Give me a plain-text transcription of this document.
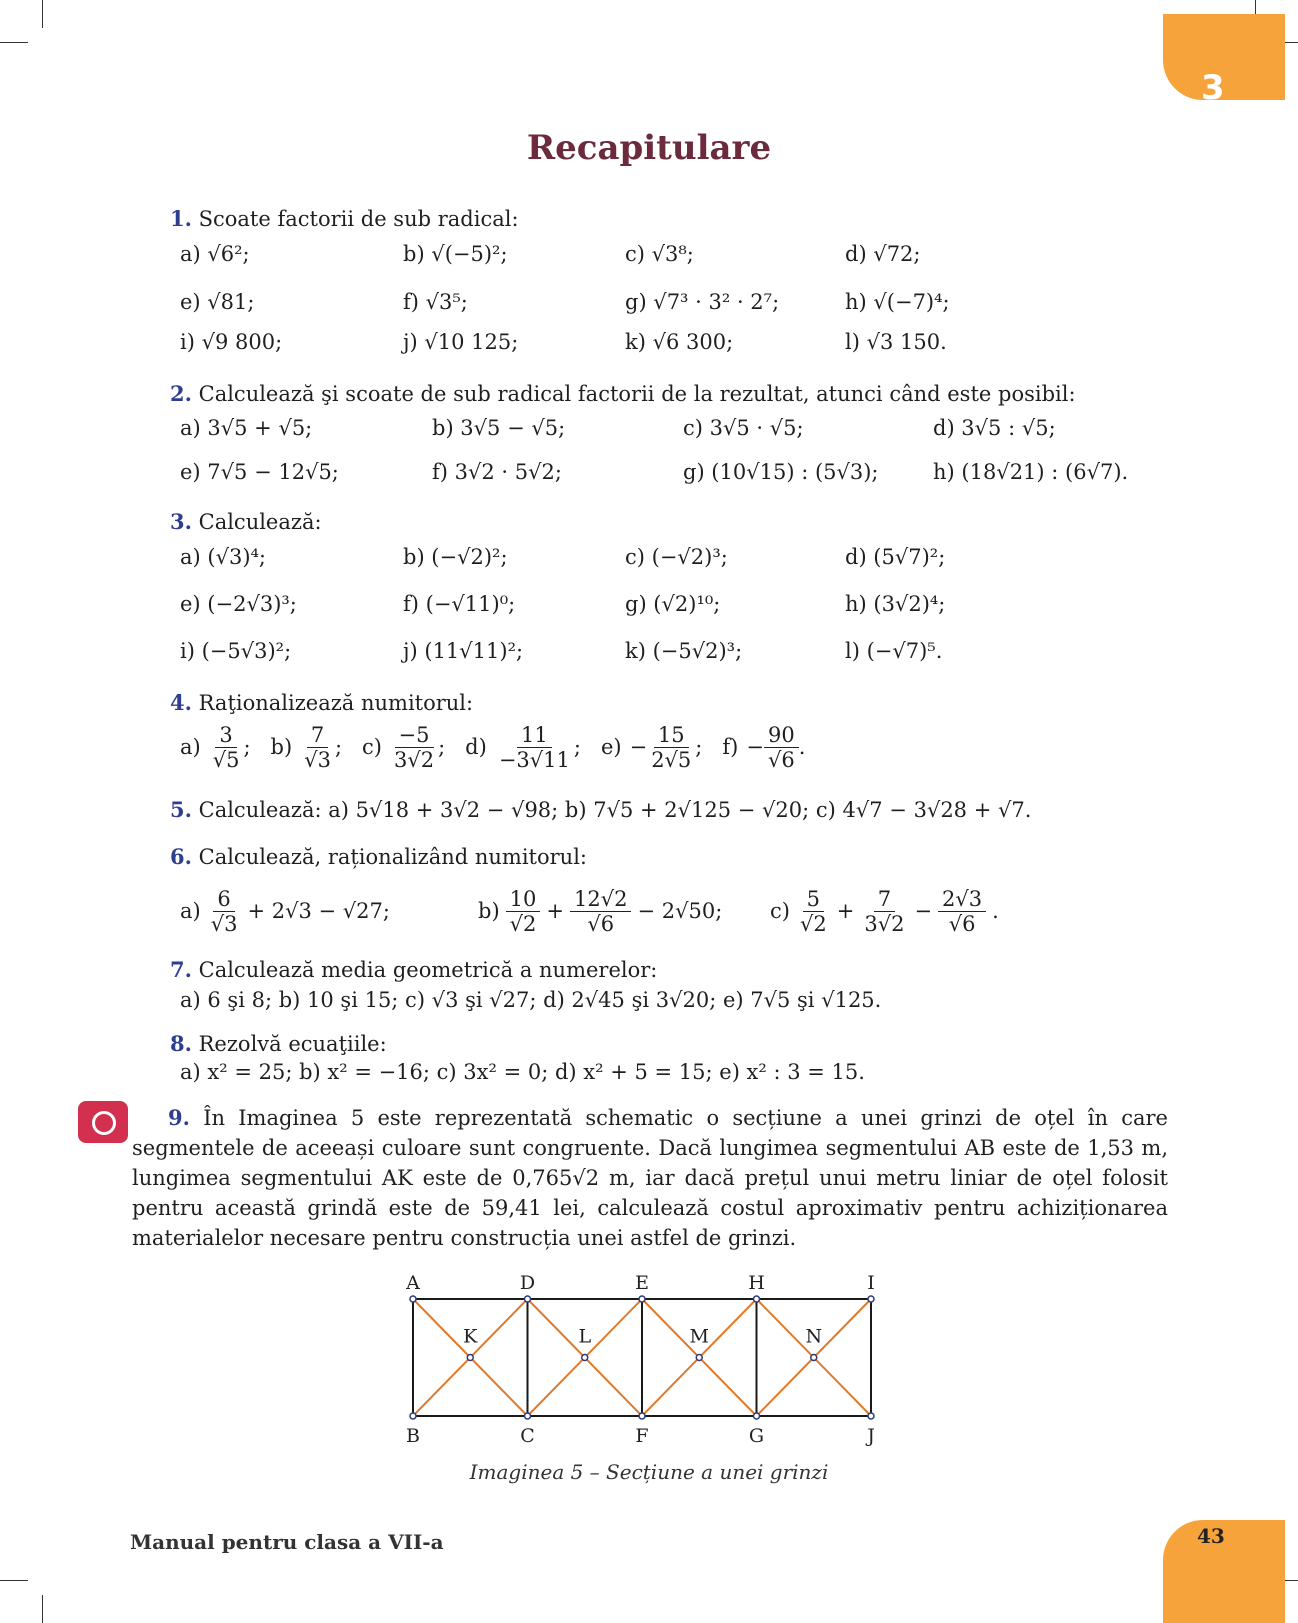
3
Recapitulare
1. Scoate factorii de sub radical:
a) √6²;	b) √(−5)²;	c) √3⁸;	d) √72;
e) √81;	f) √3⁵;	g) √7³ · 3² · 2⁷;	h) √(−7)⁴;
i) √9 800;	j) √10 125;	k) √6 300;	l) √3 150.
2. Calculează şi scoate de sub radical factorii de la rezultat, atunci când este posibil:
a) 3√5 + √5;	b) 3√5 − √5;	c) 3√5 · √5;	d) 3√5 : √5;
e) 7√5 − 12√5;	f) 3√2 · 5√2;	g) (10√15) : (5√3);	h) (18√21) : (6√7).
3. Calculează:
a) (√3)⁴;	b) (−√2)²;	c) (−√2)³;	d) (5√7)²;
e) (−2√3)³;	f) (−√11)⁰;	g) (√2)¹⁰;	h) (3√2)⁴;
i) (−5√3)²;	j) (11√11)²;	k) (−5√2)³;	l) (−√7)⁵.
4. Raţionalizează numitorul:
$a) \frac{3}{√5}$ ; $b) \frac{7}{√3}$ ; $c) \frac{-5}{3√2}$ ; $d) \frac{11}{-3√11}$ ; $e) - \frac{15}{2√5}$ ; $f) - \frac{90}{√6}$ .
5. Calculează: a) 5√18 + 3√2 − √98; b) 7√5 + 2√125 − √20; c) 4√7 − 3√28 + √7.
6. Calculează, raționalizând numitorul:
$a) \frac{6}{√3} + 2√3 - √27$;	$b) \frac{10}{√2} + \frac{12√2}{√6} - 2√50$; $c) \frac{5}{√2} + \frac{7}{3√2} - \frac{2√3}{√6}$ .
7. Calculează media geometrică a numerelor:
a) 6 şi 8; b) 10 şi 15; c) √3 şi √27; d) 2√45 şi 3√20; e) 7√5 şi √125.
8. Rezolvă ecuaţiile:
a) x² = 25; b) x² = −16; c) 3x² = 0; d) x² + 5 = 15; e) x² : 3 = 15.
9. În Imaginea 5 este reprezentată schematic o secțiune a unei grinzi de oțel în care segmentele de aceeași culoare sunt congruente. Dacă lungimea segmentului AB este de 1,53 m, lungimea segmentului AK este de 0,765√2 m, iar dacă prețul unui metru liniar de oțel folosit pentru această grindă este de 59,41 lei, calculează costul aproximativ pentru achiziționarea materialelor necesare pentru construcția unei astfel de grinzi.
A
B
D
C
E
F
H
G
I
J
K	L	M	N
Imaginea 5 – Secțiune a unei grinzi
Manual pentru clasa a VII-a	43
